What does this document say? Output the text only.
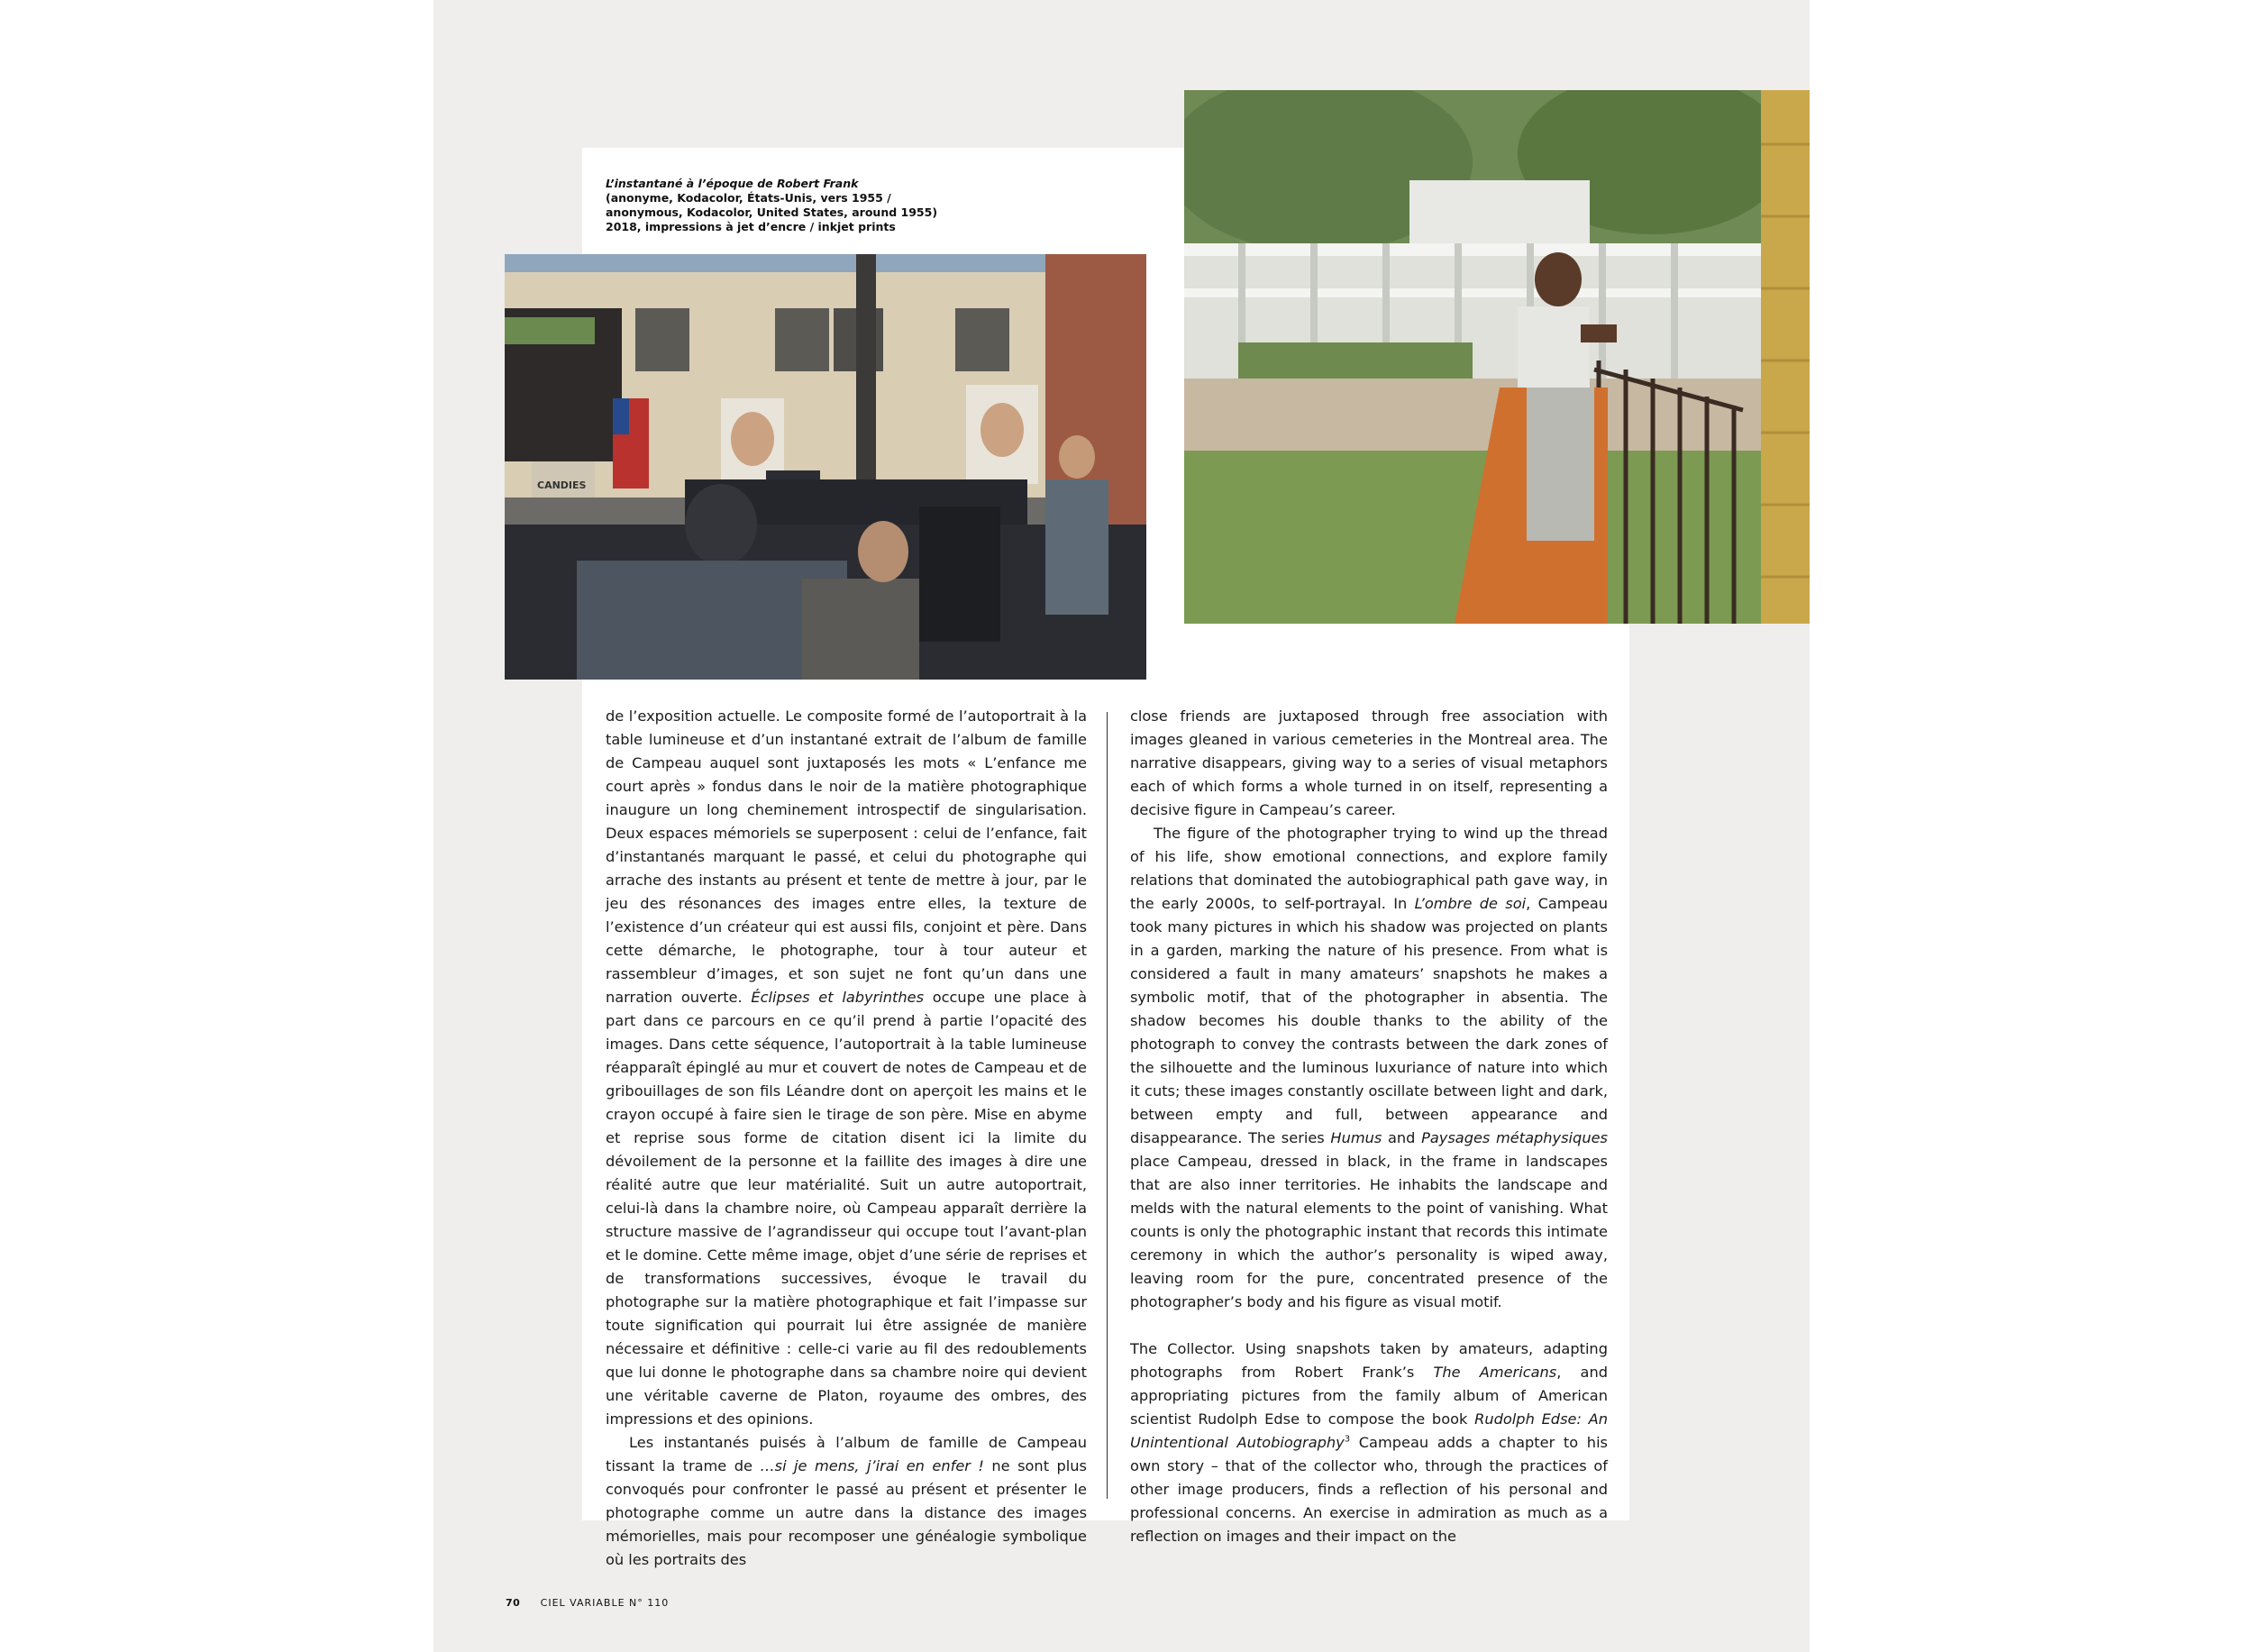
L’instantané à l’époque de Robert Frank
(anonyme, Kodacolor, États-Unis, vers 1955 /
anonymous, Kodacolor, United States, around 1955)
2018, impressions à jet d’encre / inkjet prints
CANDIES

de l’exposition actuelle. Le composite formé de l’autoportrait à la table lumineuse et d’un instantané extrait de l’album de famille de Campeau auquel sont juxtaposés les mots « L’enfance me court après » fondus dans le noir de la matière photographique inaugure un long cheminement introspectif de singularisation. Deux espaces mémoriels se superposent : celui de l’enfance, fait d’instantanés marquant le passé, et celui du photographe qui arrache des instants au présent et tente de mettre à jour, par le jeu des résonances des images entre elles, la texture de l’existence d’un créateur qui est aussi fils, conjoint et père. Dans cette démarche, le photographe, tour à tour auteur et rassembleur d’images, et son sujet ne font qu’un dans une narration ouverte. Éclipses et labyrinthes occupe une place à part dans ce parcours en ce qu’il prend à partie l’opacité des images. Dans cette séquence, l’autoportrait à la table lumineuse réapparaît épinglé au mur et couvert de notes de Campeau et de gribouillages de son fils Léandre dont on aperçoit les mains et le crayon occupé à faire sien le tirage de son père. Mise en abyme et reprise sous forme de citation disent ici la limite du dévoilement de la personne et la faillite des images à dire une réalité autre que leur matérialité. Suit un autre autoportrait, celui-là dans la chambre noire, où Campeau apparaît derrière la structure massive de l’agrandisseur qui occupe tout l’avant-plan et le domine. Cette même image, objet d’une série de reprises et de transformations successives, évoque le travail du photographe sur la matière photographique et fait l’impasse sur toute signification qui pourrait lui être assignée de manière nécessaire et définitive : celle-ci varie au fil des redoublements que lui donne le photographe dans sa chambre noire qui devient une véritable caverne de Platon, royaume des ombres, des impressions et des opinions.

Les instantanés puisés à l’album de famille de Campeau tissant la trame de …si je mens, j’irai en enfer ! ne sont plus convoqués pour confronter le passé au présent et présenter le photographe comme un autre dans la distance des images mémorielles, mais pour recomposer une généalogie symbolique où les portraits des

close friends are juxtaposed through free association with images gleaned in various cemeteries in the Montreal area. The narrative disappears, giving way to a series of visual metaphors each of which forms a whole turned in on itself, representing a decisive figure in Campeau’s career.

The figure of the photographer trying to wind up the thread of his life, show emotional connections, and explore family relations that dominated the autobiographical path gave way, in the early 2000s, to self-portrayal. In L’ombre de soi, Campeau took many pictures in which his shadow was projected on plants in a garden, marking the nature of his presence. From what is considered a fault in many amateurs’ snapshots he makes a symbolic motif, that of the photographer in absentia. The shadow becomes his double thanks to the ability of the photograph to convey the contrasts between the dark zones of the silhouette and the luminous luxuriance of nature into which it cuts; these images constantly oscillate between light and dark, between empty and full, between appearance and disappearance. The series Humus and Paysages métaphysiques place Campeau, dressed in black, in the frame in landscapes that are also inner territories. He inhabits the landscape and melds with the natural elements to the point of vanishing. What counts is only the photographic instant that records this intimate ceremony in which the author’s personality is wiped away, leaving room for the pure, concentrated presence of the photographer’s body and his figure as visual motif.

The Collector. Using snapshots taken by amateurs, adapting photographs from Robert Frank’s The Americans, and appropriating pictures from the family album of American scientist Rudolph Edse to compose the book Rudolph Edse: An Unintentional Autobiography$^3$ Campeau adds a chapter to his own story – that of the collector who, through the practices of other image producers, finds a reflection of his personal and professional concerns. An exercise in admiration as much as a reflection on images and their impact on the

70 CIEL VARIABLE N° 110
